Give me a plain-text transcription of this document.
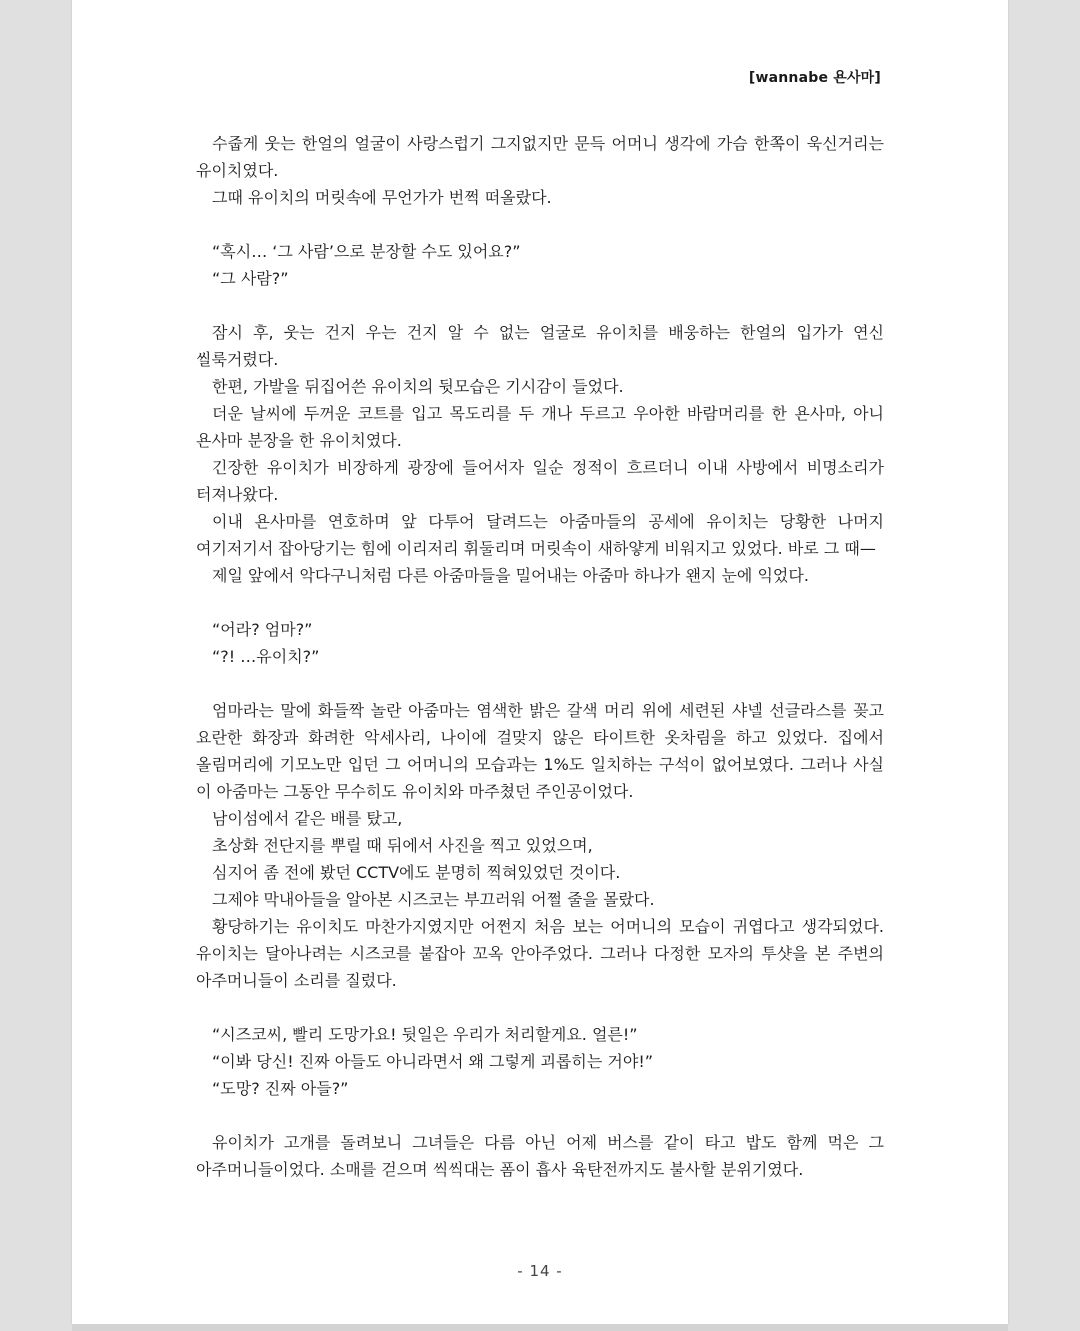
[wannabe 욘사마]

수줍게 웃는 한얼의 얼굴이 사랑스럽기 그지없지만 문득 어머니 생각에 가슴 한쪽이 욱신거리는 유이치였다.

그때 유이치의 머릿속에 무언가가 번쩍 떠올랐다.

“혹시… ‘그 사람’으로 분장할 수도 있어요?”

“그 사람?”

잠시 후, 웃는 건지 우는 건지 알 수 없는 얼굴로 유이치를 배웅하는 한얼의 입가가 연신 씰룩거렸다.

한편, 가발을 뒤집어쓴 유이치의 뒷모습은 기시감이 들었다.

더운 날씨에 두꺼운 코트를 입고 목도리를 두 개나 두르고 우아한 바람머리를 한 욘사마, 아니 욘사마 분장을 한 유이치였다.

긴장한 유이치가 비장하게 광장에 들어서자 일순 정적이 흐르더니 이내 사방에서 비명소리가 터져나왔다.

이내 욘사마를 연호하며 앞 다투어 달려드는 아줌마들의 공세에 유이치는 당황한 나머지 여기저기서 잡아당기는 힘에 이리저리 휘둘리며 머릿속이 새하얗게 비워지고 있었다. 바로 그 때—

제일 앞에서 악다구니처럼 다른 아줌마들을 밀어내는 아줌마 하나가 왠지 눈에 익었다.

“어라? 엄마?”

“?! …유이치?”

엄마라는 말에 화들짝 놀란 아줌마는 염색한 밝은 갈색 머리 위에 세련된 샤넬 선글라스를 꽂고 요란한 화장과 화려한 악세사리, 나이에 걸맞지 않은 타이트한 옷차림을 하고 있었다. 집에서 올림머리에 기모노만 입던 그 어머니의 모습과는 1%도 일치하는 구석이 없어보였다. 그러나 사실 이 아줌마는 그동안 무수히도 유이치와 마주쳤던 주인공이었다.

남이섬에서 같은 배를 탔고,

초상화 전단지를 뿌릴 때 뒤에서 사진을 찍고 있었으며,

심지어 좀 전에 봤던 CCTV에도 분명히 찍혀있었던 것이다.

그제야 막내아들을 알아본 시즈코는 부끄러워 어쩔 줄을 몰랐다.

황당하기는 유이치도 마찬가지였지만 어쩐지 처음 보는 어머니의 모습이 귀엽다고 생각되었다. 유이치는 달아나려는 시즈코를 붙잡아 꼬옥 안아주었다. 그러나 다정한 모자의 투샷을 본 주변의 아주머니들이 소리를 질렀다.

“시즈코씨, 빨리 도망가요! 뒷일은 우리가 처리할게요. 얼른!”

“이봐 당신! 진짜 아들도 아니라면서 왜 그렇게 괴롭히는 거야!”

“도망? 진짜 아들?”

유이치가 고개를 돌려보니 그녀들은 다름 아닌 어제 버스를 같이 타고 밥도 함께 먹은 그 아주머니들이었다. 소매를 걷으며 씩씩대는 폼이 흡사 육탄전까지도 불사할 분위기였다.

- 14 -
